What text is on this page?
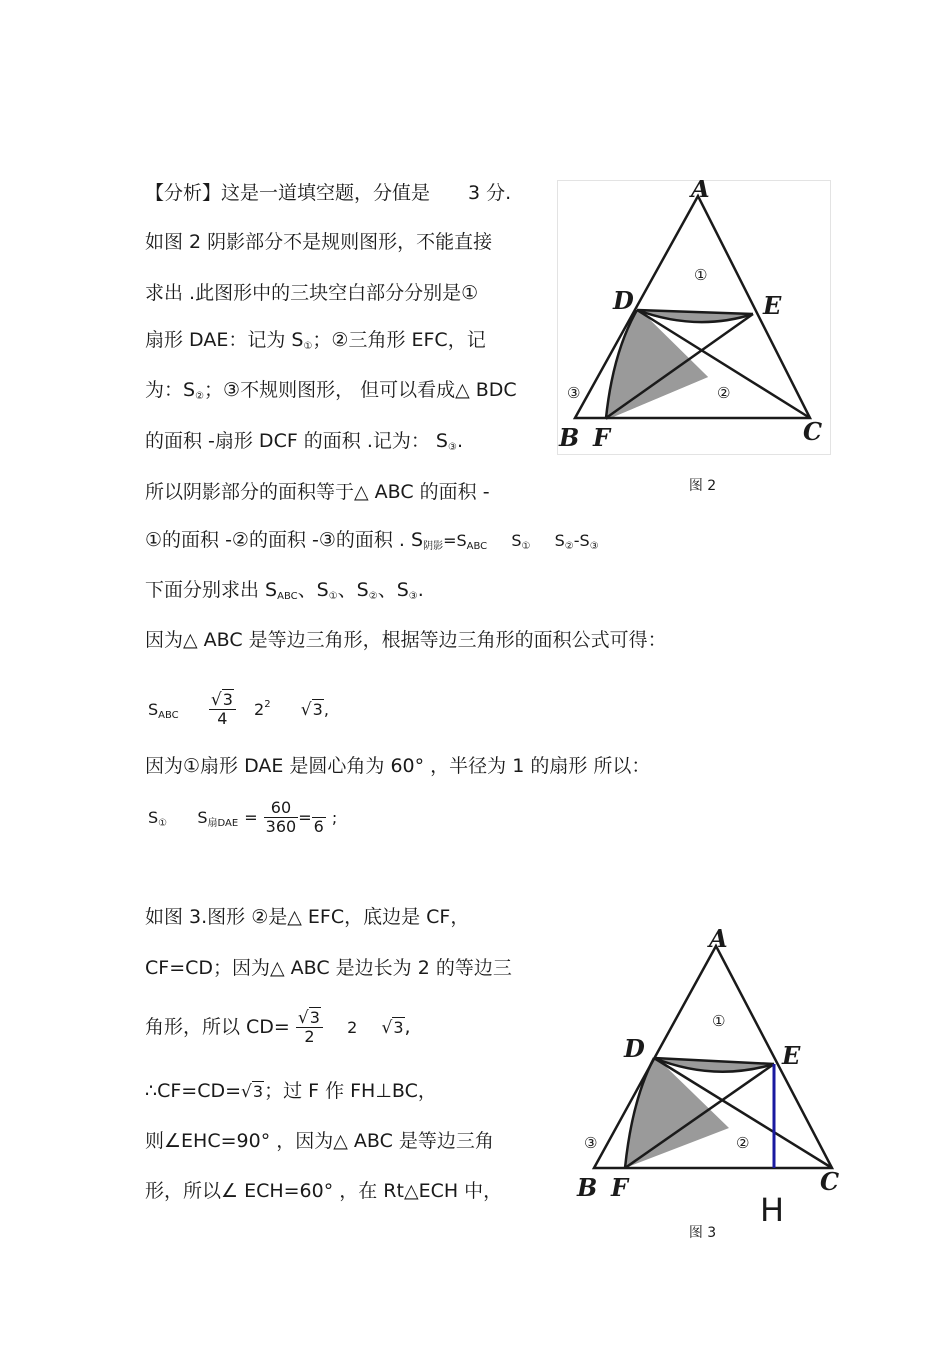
【分析】这是一道填空题，分值是　　3 分.
如图 2 阴影部分不是规则图形，不能直接
求出 .此图形中的三块空白部分分别是①
扇形 DAE：记为 $S_①$；②三角形 EFC，记
为：$S_②$；③不规则图形， 但可以看成△ BDC
的面积 -扇形 DCF 的面积 .记为： $S_③$.
所以阴影部分的面积等于△ ABC 的面积 -
①的面积 -②的面积 -③的面积 . $S_{阴影}=S_{ABC}$ $S_①$ $S_②-S_③$
下面分别求出 $S_{ABC}$、$S_①$、$S_②$、$S_③$.
因为△ ABC 是等边三角形，根据等边三角形的面积公式可得：
$S_{ABC} \frac{√3}{4} 2^2$ √3,
因为①扇形 DAE 是圆心角为 60° ，半径为 1 的扇形 所以：
$S_①$ $S_{扇DAE} = \frac{60}{360}$ =
6 ;
A
D	E
B F	C
①
②
③
图 2
如图 3.图形 ②是△ EFC，底边是 CF，
CF=CD；因为△ ABC 是边长为 2 的等边三
角形，所以 $CD= \frac{√3}{2} 2$ √3,
∴CF=CD=√3；过 F 作 FH⊥BC，
则∠EHC=90° ，因为△ ABC 是等边三角
形，所以∠ ECH=60° ，在 Rt△ECH 中，
A
D	E
B F	C
①
②
③
H
图 3
